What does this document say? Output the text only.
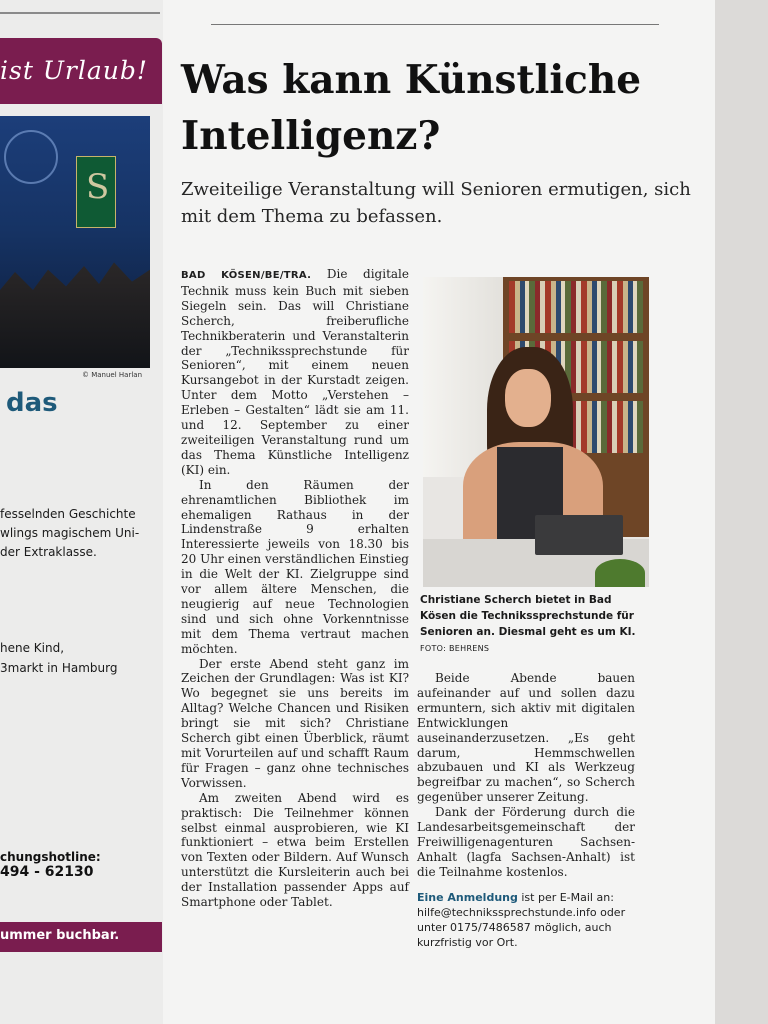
ist Urlaub!
S
© Manuel Harlan
das
fesselnden Geschichte
wlings magischem Uni-
der Extraklasse.
hene Kind,
3markt in Hamburg
chungshotline:
494 - 62130
ummer buchbar.
Was kann Künstliche Intelligenz?

Zweiteilige Veranstaltung will Senioren ermutigen, sich mit dem Thema zu befassen.

BAD KÖSEN/BE/TRA. Die digitale Technik muss kein Buch mit sieben Siegeln sein. Das will Christiane Scherch, freiberufliche Technikberaterin und Veranstalterin der „Technikssprechstunde für Senioren“, mit einem neuen Kursangebot in der Kurstadt zeigen. Unter dem Motto „Verstehen – Erleben – Gestalten“ lädt sie am 11. und 12. September zu einer zweiteiligen Veranstaltung rund um das Thema Künstliche Intelligenz (KI) ein.

In den Räumen der ehrenamtlichen Bibliothek im ehemaligen Rathaus in der Lindenstraße 9 erhalten Interessierte jeweils von 18.30 bis 20 Uhr einen verständlichen Einstieg in die Welt der KI. Zielgruppe sind vor allem ältere Menschen, die neugierig auf neue Technologien sind und sich ohne Vorkenntnisse mit dem Thema vertraut machen möchten.

Der erste Abend steht ganz im Zeichen der Grundlagen: Was ist KI? Wo begegnet sie uns bereits im Alltag? Welche Chancen und Risiken bringt sie mit sich? Christiane Scherch gibt einen Überblick, räumt mit Vorurteilen auf und schafft Raum für Fragen – ganz ohne technisches Vorwissen.

Am zweiten Abend wird es praktisch: Die Teilnehmer können selbst einmal ausprobieren, wie KI funktioniert – etwa beim Erstellen von Texten oder Bildern. Auf Wunsch unterstützt die Kursleiterin auch bei der Installation passender Apps auf Smartphone oder Tablet.

Christiane Scherch bietet in Bad Kösen die Technikssprechstunde für Senioren an. Diesmal geht es um KI. FOTO: BEHRENS

Beide Abende bauen aufeinander auf und sollen dazu ermuntern, sich aktiv mit digitalen Entwicklungen auseinanderzusetzen. „Es geht darum, Hemmschwellen abzubauen und KI als Werkzeug begreifbar zu machen“, so Scherch gegenüber unserer Zeitung.

Dank der Förderung durch die Landesarbeitsgemeinschaft der Freiwilligenagenturen Sachsen-Anhalt (lagfa Sachsen-Anhalt) ist die Teilnahme kostenlos.

Eine Anmeldung ist per E-Mail an: hilfe@technikssprechstunde.info oder unter 0175/7486587 möglich, auch kurzfristig vor Ort.
